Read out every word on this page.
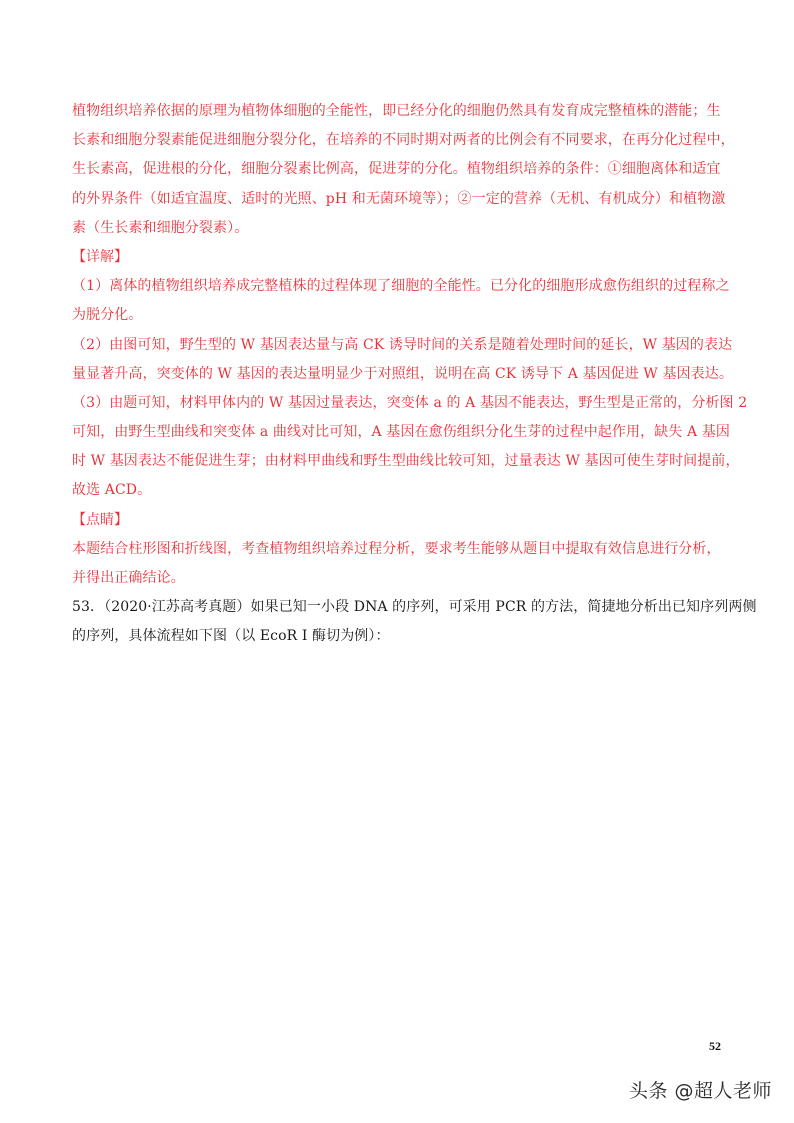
植物组织培养依据的原理为植物体细胞的全能性，即已经分化的细胞仍然具有发育成完整植株的潜能；生
长素和细胞分裂素能促进细胞分裂分化，在培养的不同时期对两者的比例会有不同要求，在再分化过程中，
生长素高，促进根的分化，细胞分裂素比例高，促进芽的分化。植物组织培养的条件：①细胞离体和适宜
的外界条件（如适宜温度、适时的光照、pH 和无菌环境等）；②一定的营养（无机、有机成分）和植物激
素（生长素和细胞分裂素）。
【详解】
（1）离体的植物组织培养成完整植株的过程体现了细胞的全能性。已分化的细胞形成愈伤组织的过程称之
为脱分化。
（2）由图可知，野生型的 W 基因表达量与高 CK 诱导时间的关系是随着处理时间的延长，W 基因的表达
量显著升高，突变体的 W 基因的表达量明显少于对照组，说明在高 CK 诱导下 A 基因促进 W 基因表达。
（3）由题可知，材料甲体内的 W 基因过量表达，突变体 a 的 A 基因不能表达，野生型是正常的，分析图 2
可知，由野生型曲线和突变体 a 曲线对比可知，A 基因在愈伤组织分化生芽的过程中起作用，缺失 A 基因
时 W 基因表达不能促进生芽；由材料甲曲线和野生型曲线比较可知，过量表达 W 基因可使生芽时间提前，
故选 ACD。
【点睛】
本题结合柱形图和折线图，考查植物组织培养过程分析，要求考生能够从题目中提取有效信息进行分析，
并得出正确结论。
53．（2020·江苏高考真题）如果已知一小段 DNA 的序列，可采用 PCR 的方法，简捷地分析出已知序列两侧
的序列，具体流程如下图（以 EcoR I 酶切为例）：
52
头条 @超人老师
